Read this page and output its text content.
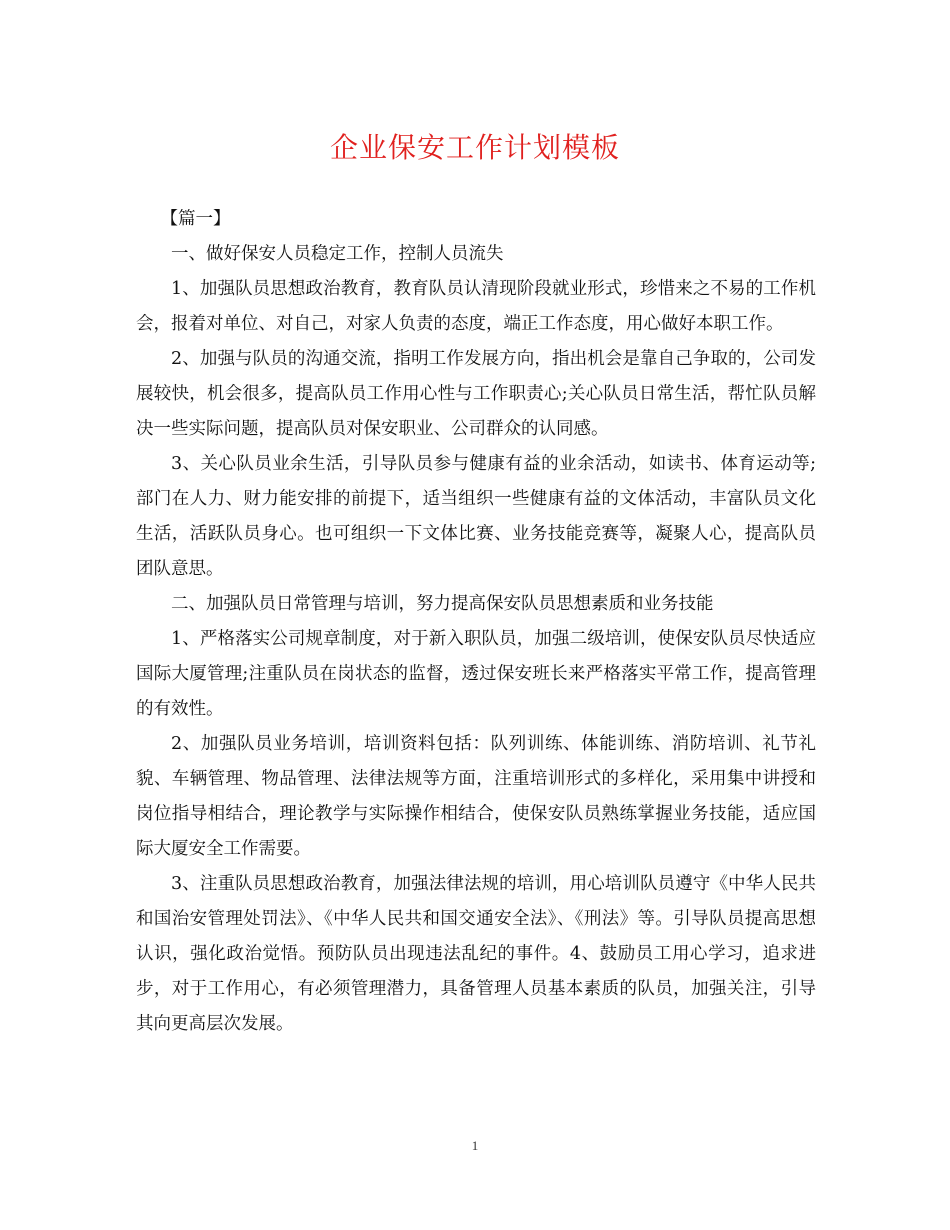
企业保安工作计划模板

【篇一】

一、做好保安人员稳定工作，控制人员流失

1、加强队员思想政治教育，教育队员认清现阶段就业形式，珍惜来之不易的工作机会，报着对单位、对自己，对家人负责的态度，端正工作态度，用心做好本职工作。

2、加强与队员的沟通交流，指明工作发展方向，指出机会是靠自己争取的，公司发展较快，机会很多，提高队员工作用心性与工作职责心;关心队员日常生活，帮忙队员解决一些实际问题，提高队员对保安职业、公司群众的认同感。

3、关心队员业余生活，引导队员参与健康有益的业余活动，如读书、体育运动等;部门在人力、财力能安排的前提下，适当组织一些健康有益的文体活动，丰富队员文化生活，活跃队员身心。也可组织一下文体比赛、业务技能竞赛等，凝聚人心，提高队员团队意思。

二、加强队员日常管理与培训，努力提高保安队员思想素质和业务技能

1、严格落实公司规章制度，对于新入职队员，加强二级培训，使保安队员尽快适应国际大厦管理;注重队员在岗状态的监督，透过保安班长来严格落实平常工作，提高管理的有效性。

2、加强队员业务培训，培训资料包括：队列训练、体能训练、消防培训、礼节礼貌、车辆管理、物品管理、法律法规等方面，注重培训形式的多样化，采用集中讲授和岗位指导相结合，理论教学与实际操作相结合，使保安队员熟练掌握业务技能，适应国际大厦安全工作需要。

3、注重队员思想政治教育，加强法律法规的培训，用心培训队员遵守《中华人民共和国治安管理处罚法》、《中华人民共和国交通安全法》、《刑法》等。引导队员提高思想认识，强化政治觉悟。预防队员出现违法乱纪的事件。4、鼓励员工用心学习，追求进步，对于工作用心，有必须管理潜力，具备管理人员基本素质的队员，加强关注，引导其向更高层次发展。

1
